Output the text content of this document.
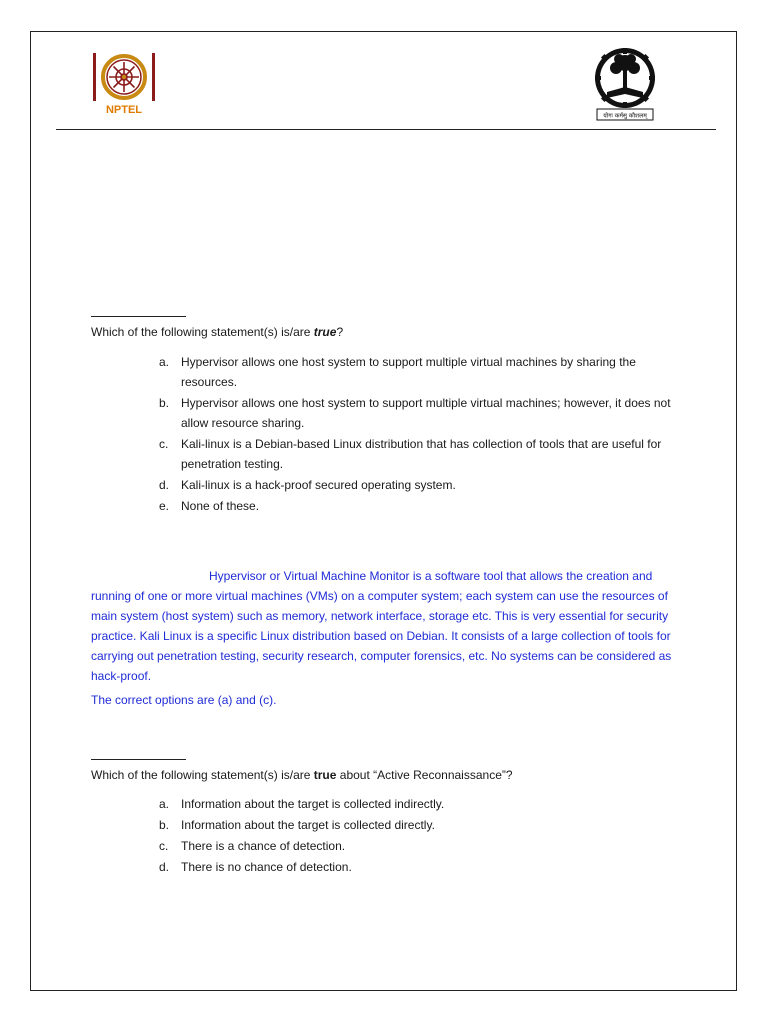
NPTEL	योगः कर्मसु कौशलम्
Which of the following statement(s) is/are true?
a. Hypervisor allows one host system to support multiple virtual machines by sharing the resources.
b. Hypervisor allows one host system to support multiple virtual machines; however, it does not allow resource sharing.
c. Kali-linux is a Debian-based Linux distribution that has collection of tools that are useful for penetration testing.
d. Kali-linux is a hack-proof secured operating system.
e. None of these.
Hypervisor or Virtual Machine Monitor is a software tool that allows the creation and running of one or more virtual machines (VMs) on a computer system; each system can use the resources of main system (host system) such as memory, network interface, storage etc. This is very essential for security practice. Kali Linux is a specific Linux distribution based on Debian. It consists of a large collection of tools for carrying out penetration testing, security research, computer forensics, etc. No systems can be considered as hack-proof.
The correct options are (a) and (c).
Which of the following statement(s) is/are true about “Active Reconnaissance”?
a. Information about the target is collected indirectly.
b. Information about the target is collected directly.
c. There is a chance of detection.
d. There is no chance of detection.
